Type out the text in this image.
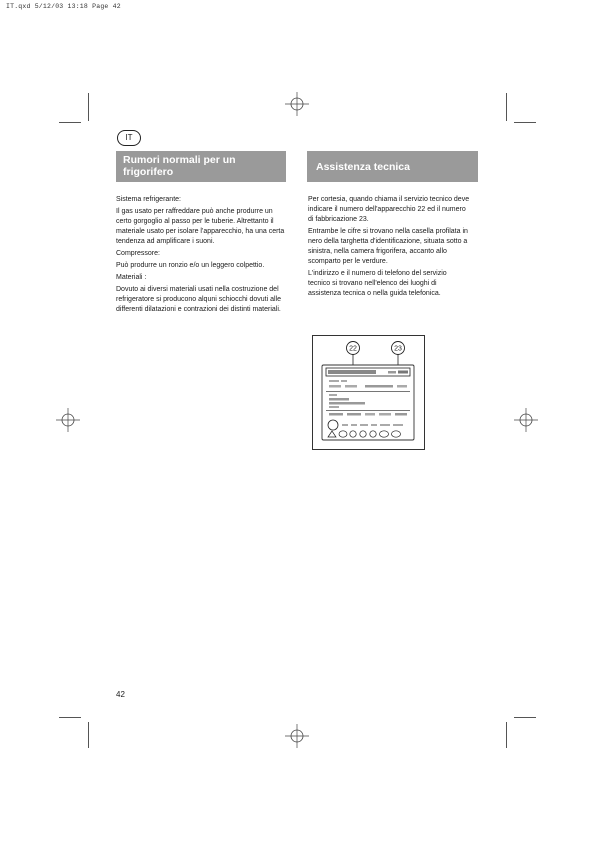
IT.qxd 5/12/03 13:18 Page 42
IT
Rumori normali per un frigorifero	Assistenza tecnica

Sistema refrigerante:

Il gas usato per raffreddare può anche produrre un certo gorgoglio al passo per le tuberie. Altrettanto il materiale usato per isolare l'apparecchio, ha una certa tendenza ad amplificare i suoni.

Compressore:

Può produrre un ronzio e/o un leggero colpettio.

Materiali :

Dovuto ai diversi materiali usati nella costruzione del refrigeratore si producono alquni schiocchi dovuti alle differenti dilatazioni e contrazioni dei distinti materiali.

Per cortesia, quando chiama il servizio tecnico deve indicare il numero dell'apparecchio 22 ed il numero di fabbricazione 23.

Entrambe le cifre si trovano nella casella profilata in nero della targhetta d'identificazione, situata sotto a sinistra, nella camera frigorifera, accanto allo scomparto per le verdure.

L'indirizzo e il numero di telefono del servizio tecnico si trovano nell'elenco dei luoghi di assistenza tecnica o nella guida telefonica.

22	23
42
